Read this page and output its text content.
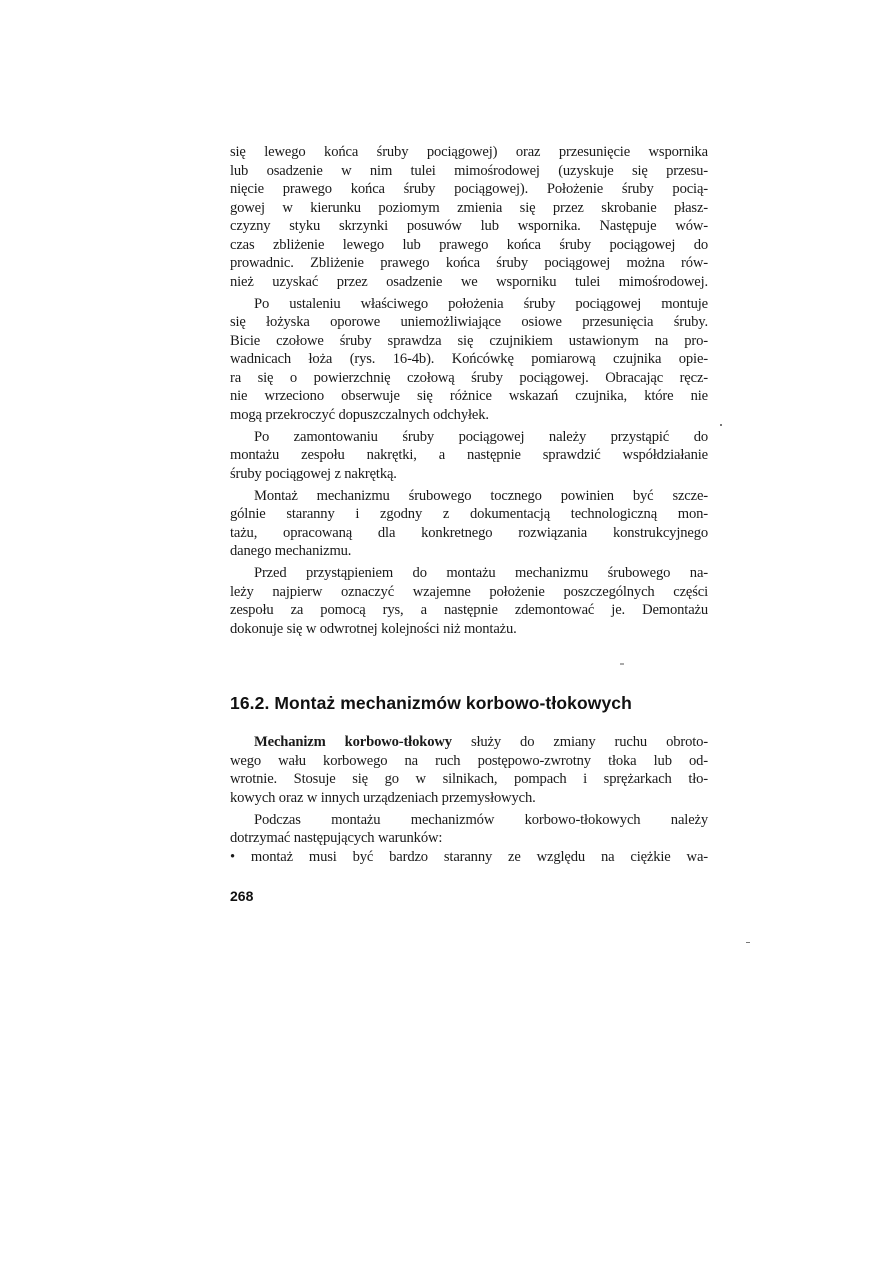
się lewego końca śruby pociągowej) oraz przesunięcie wspornika
lub osadzenie w nim tulei mimośrodowej (uzyskuje się przesu-
nięcie prawego końca śruby pociągowej). Położenie śruby pocią-
gowej w kierunku poziomym zmienia się przez skrobanie płasz-
czyzny styku skrzynki posuwów lub wspornika. Następuje wów-
czas zbliżenie lewego lub prawego końca śruby pociągowej do
prowadnic. Zbliżenie prawego końca śruby pociągowej można rów-
nież uzyskać przez osadzenie we wsporniku tulei mimośrodowej.
Po ustaleniu właściwego położenia śruby pociągowej montuje
się łożyska oporowe uniemożliwiające osiowe przesunięcia śruby.
Bicie czołowe śruby sprawdza się czujnikiem ustawionym na pro-
wadnicach łoża (rys. 16-4b). Końcówkę pomiarową czujnika opie-
ra się o powierzchnię czołową śruby pociągowej. Obracając ręcz-
nie wrzeciono obserwuje się różnice wskazań czujnika, które nie
mogą przekroczyć dopuszczalnych odchyłek.
Po zamontowaniu śruby pociągowej należy przystąpić do
montażu zespołu nakrętki, a następnie sprawdzić współdziałanie
śruby pociągowej z nakrętką.
Montaż mechanizmu śrubowego tocznego powinien być szcze-
gólnie staranny i zgodny z dokumentacją technologiczną mon-
tażu, opracowaną dla konkretnego rozwiązania konstrukcyjnego
danego mechanizmu.
Przed przystąpieniem do montażu mechanizmu śrubowego na-
leży najpierw oznaczyć wzajemne położenie poszczególnych części
zespołu za pomocą rys, a następnie zdemontować je. Demontażu
dokonuje się w odwrotnej kolejności niż montażu.
16.2. Montaż mechanizmów korbowo-tłokowych
Mechanizm korbowo-tłokowy służy do zmiany ruchu obroto-
wego wału korbowego na ruch postępowo-zwrotny tłoka lub od-
wrotnie. Stosuje się go w silnikach, pompach i sprężarkach tło-
kowych oraz w innych urządzeniach przemysłowych.
Podczas montażu mechanizmów korbowo-tłokowych należy
dotrzymać następujących warunków:
• montaż musi być bardzo staranny ze względu na ciężkie wa-
268
